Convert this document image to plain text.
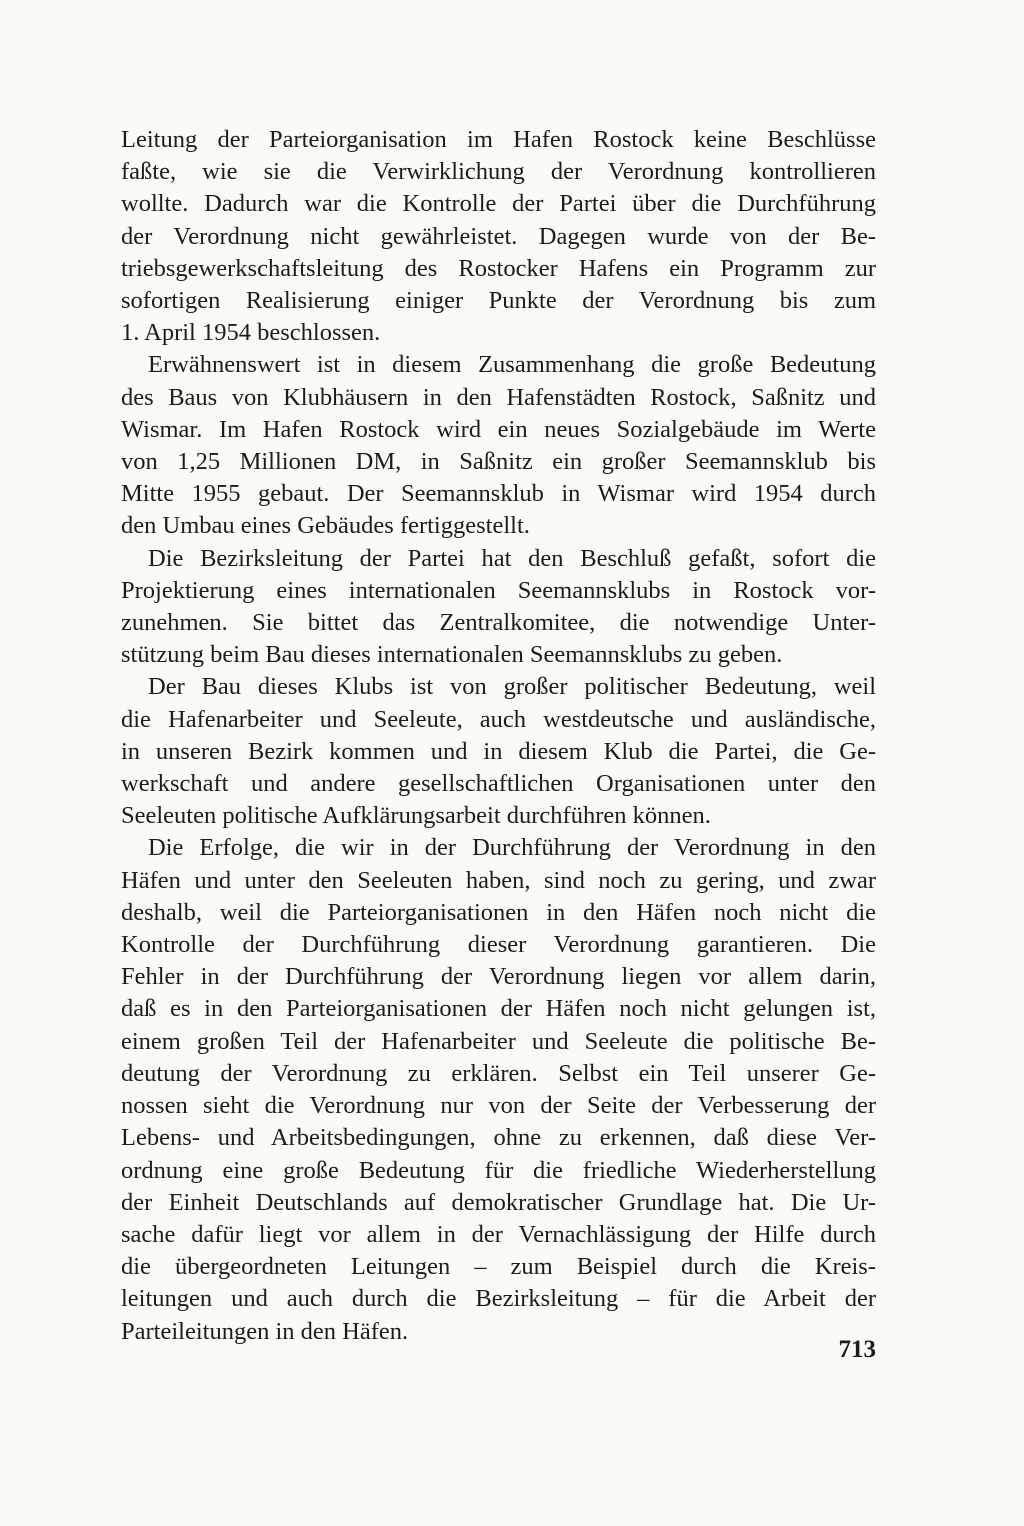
Leitung der Parteiorganisation im Hafen Rostock keine Beschlüsse
faßte, wie sie die Verwirklichung der Verordnung kontrollieren
wollte. Dadurch war die Kontrolle der Partei über die Durchführung
der Verordnung nicht gewährleistet. Dagegen wurde von der Be-
triebsgewerkschaftsleitung des Rostocker Hafens ein Programm zur
sofortigen Realisierung einiger Punkte der Verordnung bis zum
1. April 1954 beschlossen.
Erwähnenswert ist in diesem Zusammenhang die große Bedeutung
des Baus von Klubhäusern in den Hafenstädten Rostock, Saßnitz und
Wismar. Im Hafen Rostock wird ein neues Sozialgebäude im Werte
von 1,25 Millionen DM, in Saßnitz ein großer Seemannsklub bis
Mitte 1955 gebaut. Der Seemannsklub in Wismar wird 1954 durch
den Umbau eines Gebäudes fertiggestellt.
Die Bezirksleitung der Partei hat den Beschluß gefaßt, sofort die
Projektierung eines internationalen Seemannsklubs in Rostock vor-
zunehmen. Sie bittet das Zentralkomitee, die notwendige Unter-
stützung beim Bau dieses internationalen Seemannsklubs zu geben.
Der Bau dieses Klubs ist von großer politischer Bedeutung, weil
die Hafenarbeiter und Seeleute, auch westdeutsche und ausländische,
in unseren Bezirk kommen und in diesem Klub die Partei, die Ge-
werkschaft und andere gesellschaftlichen Organisationen unter den
Seeleuten politische Aufklärungsarbeit durchführen können.
Die Erfolge, die wir in der Durchführung der Verordnung in den
Häfen und unter den Seeleuten haben, sind noch zu gering, und zwar
deshalb, weil die Parteiorganisationen in den Häfen noch nicht die
Kontrolle der Durchführung dieser Verordnung garantieren. Die
Fehler in der Durchführung der Verordnung liegen vor allem darin,
daß es in den Parteiorganisationen der Häfen noch nicht gelungen ist,
einem großen Teil der Hafenarbeiter und Seeleute die politische Be-
deutung der Verordnung zu erklären. Selbst ein Teil unserer Ge-
nossen sieht die Verordnung nur von der Seite der Verbesserung der
Lebens- und Arbeitsbedingungen, ohne zu erkennen, daß diese Ver-
ordnung eine große Bedeutung für die friedliche Wiederherstellung
der Einheit Deutschlands auf demokratischer Grundlage hat. Die Ur-
sache dafür liegt vor allem in der Vernachlässigung der Hilfe durch
die übergeordneten Leitungen – zum Beispiel durch die Kreis-
leitungen und auch durch die Bezirksleitung – für die Arbeit der
Parteileitungen in den Häfen.
713
